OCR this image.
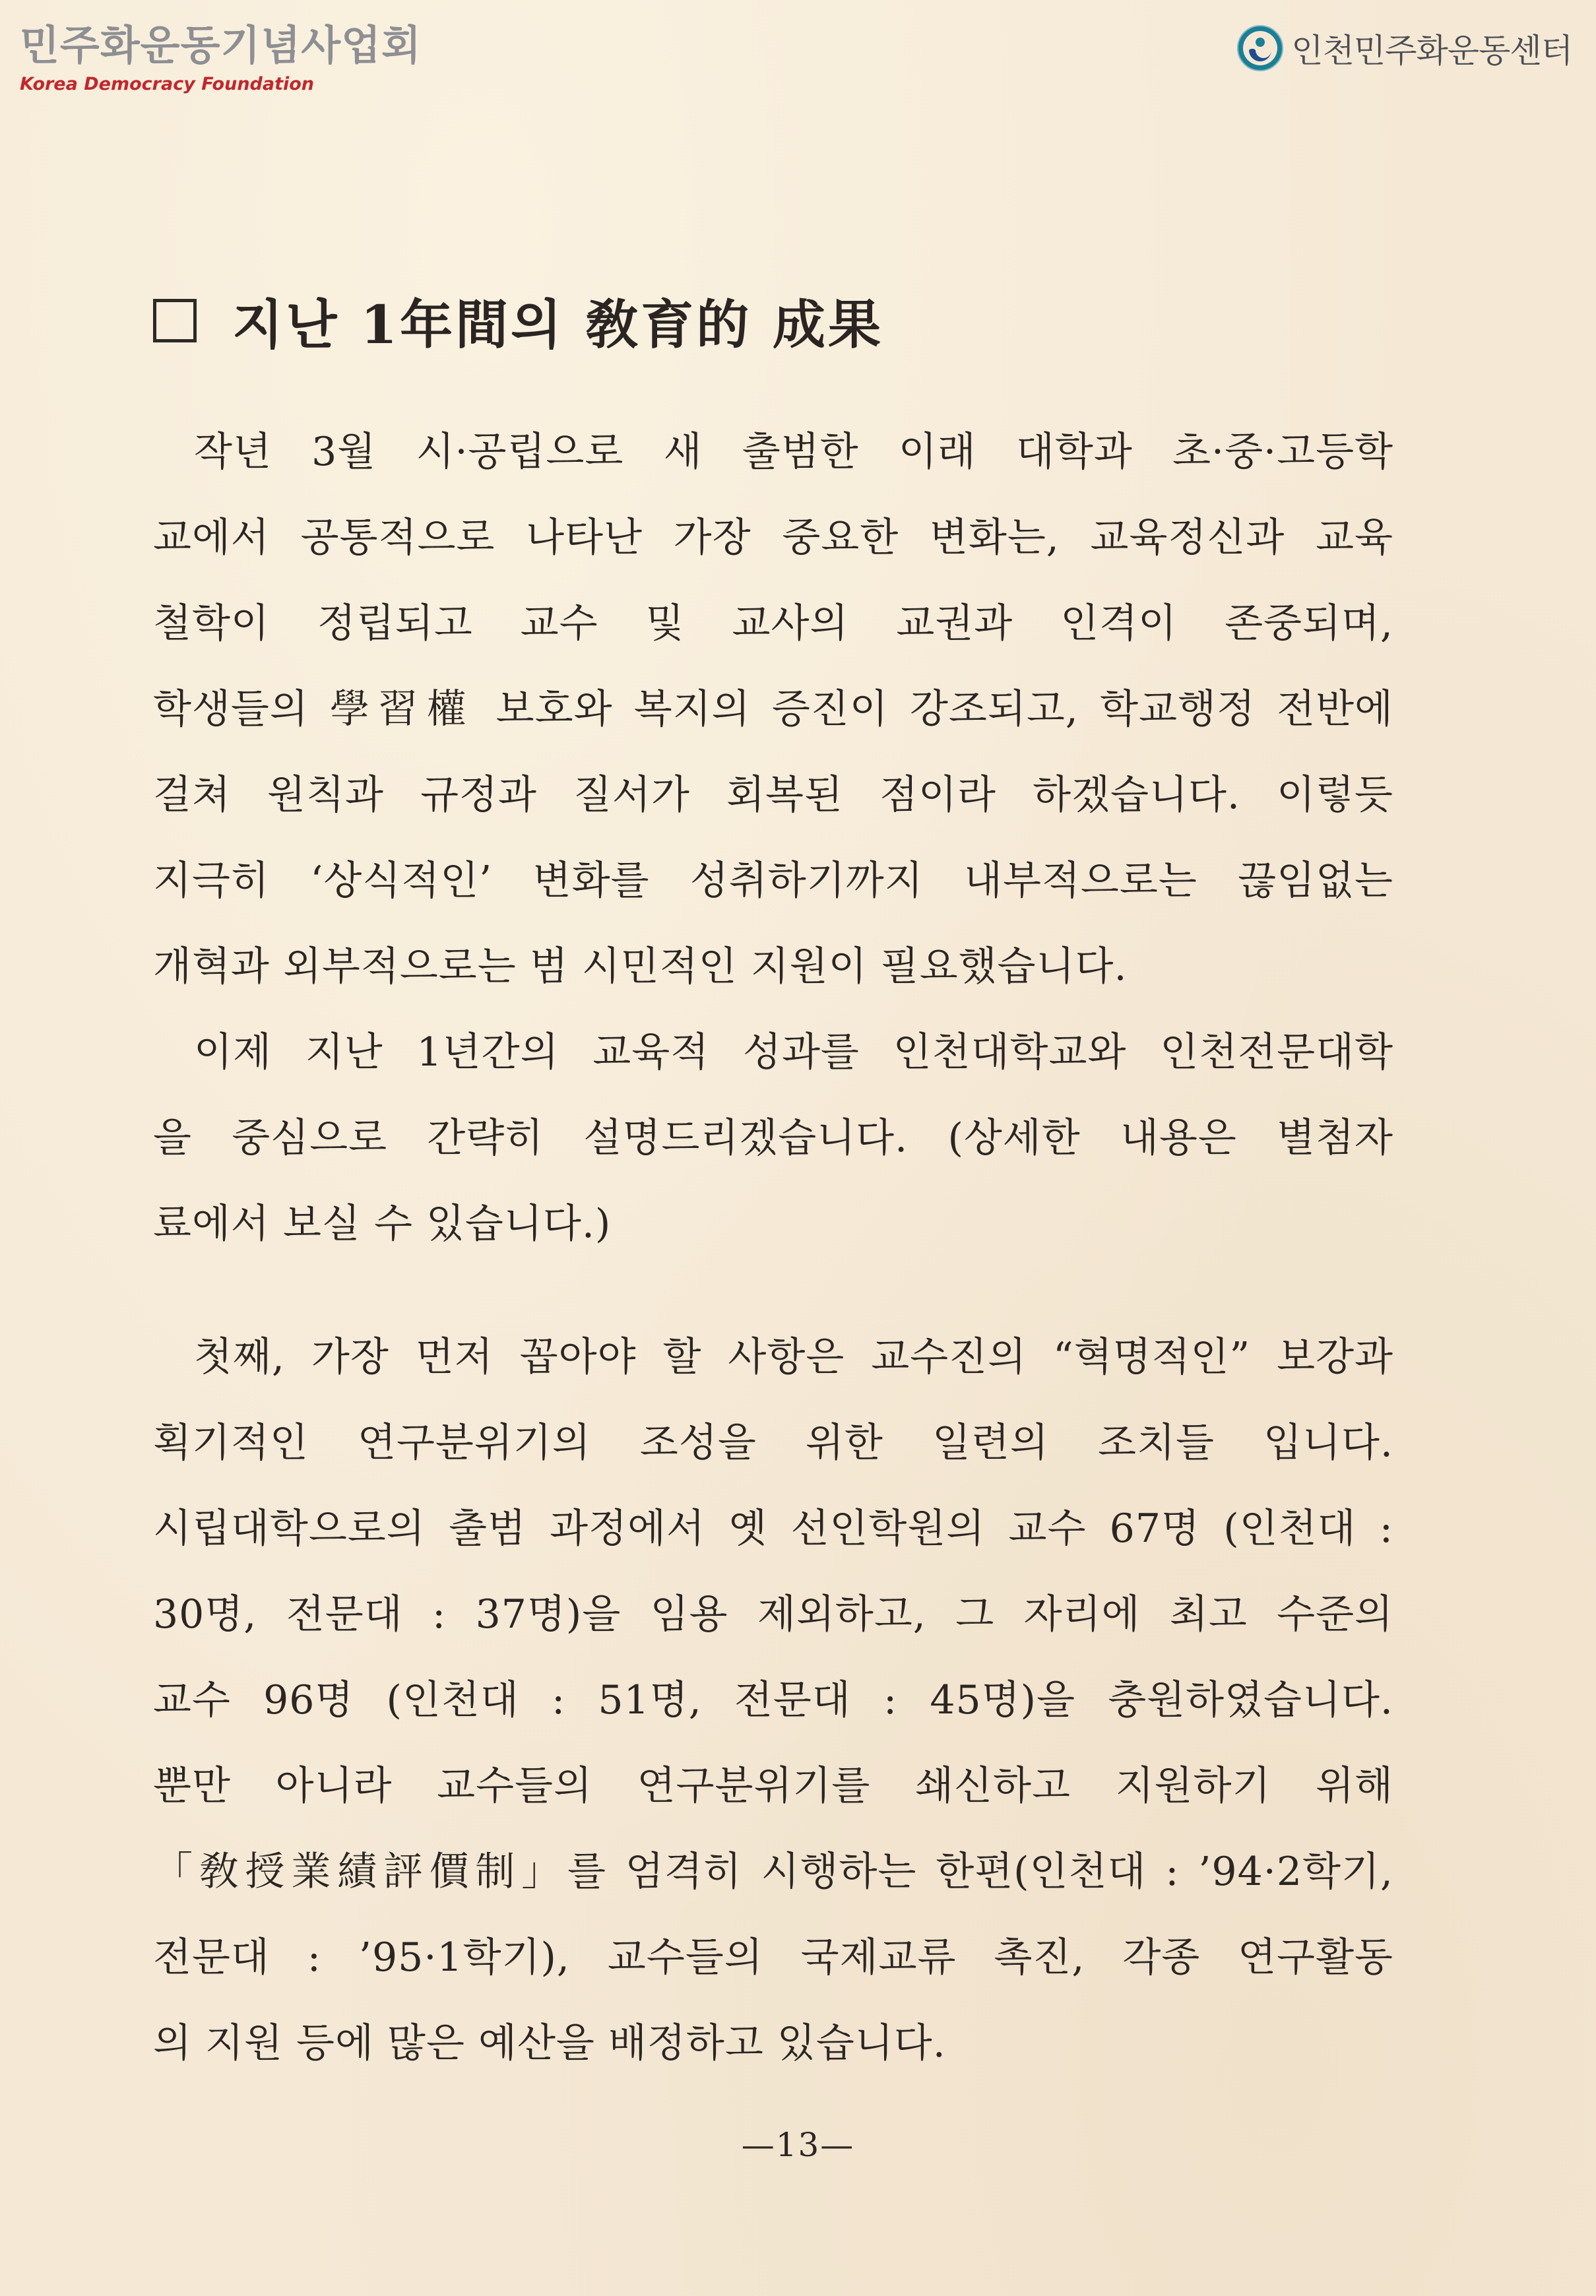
민주화운동기념사업회
Korea Democracy Foundation
인천민주화운동센터
지난 1年間의 敎育的 成果
작년 3월 시·공립으로 새 출범한 이래 대학과 초·중·고등학
교에서 공통적으로 나타난 가장 중요한 변화는, 교육정신과 교육
철학이 정립되고 교수 및 교사의 교권과 인격이 존중되며,
학생들의 學習權 보호와 복지의 증진이 강조되고, 학교행정 전반에
걸쳐 원칙과 규정과 질서가 회복된 점이라 하겠습니다. 이렇듯
지극히 ‘상식적인’ 변화를 성취하기까지 내부적으로는 끊임없는
개혁과 외부적으로는 범 시민적인 지원이 필요했습니다.
이제 지난 1년간의 교육적 성과를 인천대학교와 인천전문대학
을 중심으로 간략히 설명드리겠습니다. (상세한 내용은 별첨자
료에서 보실 수 있습니다.)
첫째, 가장 먼저 꼽아야 할 사항은 교수진의 “혁명적인” 보강과
획기적인 연구분위기의 조성을 위한 일련의 조치들 입니다.
시립대학으로의 출범 과정에서 옛 선인학원의 교수 67명 (인천대 :
30명, 전문대 : 37명)을 임용 제외하고, 그 자리에 최고 수준의
교수 96명 (인천대 : 51명, 전문대 : 45명)을 충원하였습니다.
뿐만 아니라 교수들의 연구분위기를 쇄신하고 지원하기 위해
「敎授業績評價制」를 엄격히 시행하는 한편(인천대 : ’94·2학기,
전문대 : ’95·1학기), 교수들의 국제교류 촉진, 각종 연구활동
의 지원 등에 많은 예산을 배정하고 있습니다.
—13—
